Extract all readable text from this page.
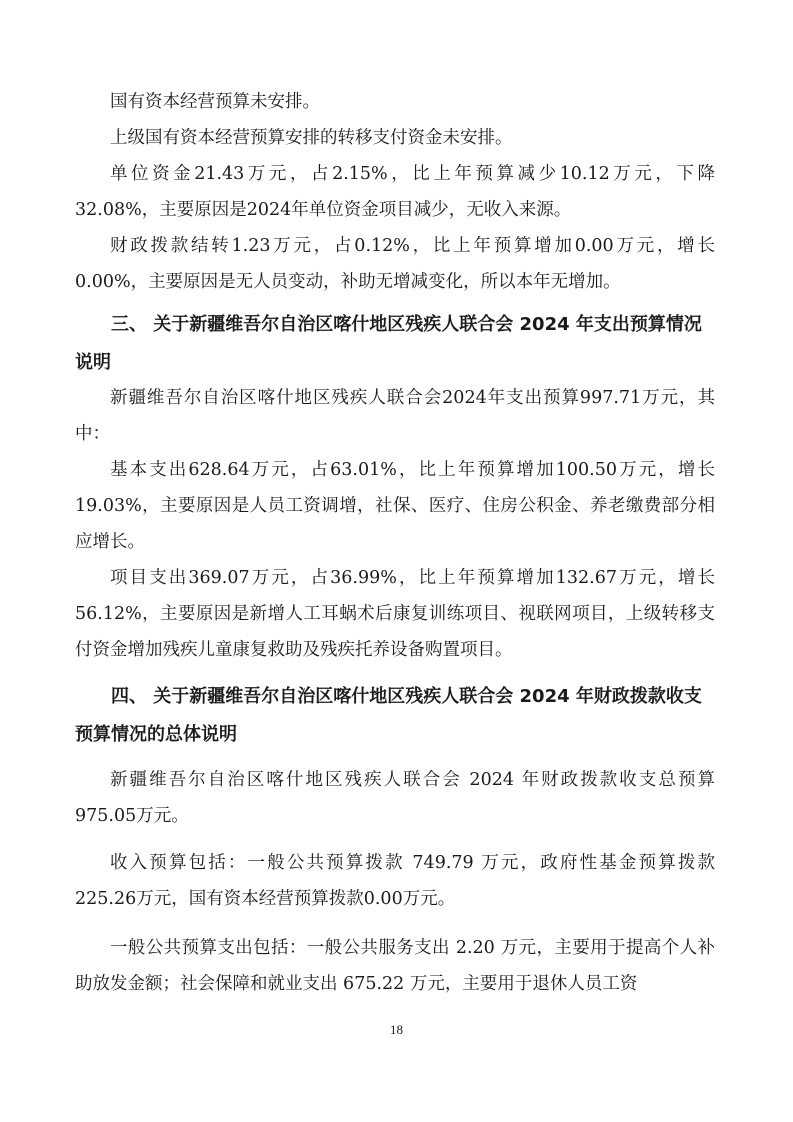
国有资本经营预算未安排。

上级国有资本经营预算安排的转移支付资金未安排。

单位资金21.43万元，占2.15%，比上年预算减少10.12万元，下降32.08%，主要原因是2024年单位资金项目减少，无收入来源。

财政拨款结转1.23万元，占0.12%，比上年预算增加0.00万元，增长0.00%，主要原因是无人员变动，补助无增减变化，所以本年无增加。

三、 关于新疆维吾尔自治区喀什地区残疾人联合会 2024 年支出预算情况说明

新疆维吾尔自治区喀什地区残疾人联合会2024年支出预算997.71万元，其中：

基本支出628.64万元，占63.01%，比上年预算增加100.50万元，增长19.03%，主要原因是人员工资调增，社保、医疗、住房公积金、养老缴费部分相应增长。

项目支出369.07万元，占36.99%，比上年预算增加132.67万元，增长56.12%，主要原因是新增人工耳蜗术后康复训练项目、视联网项目，上级转移支付资金增加残疾儿童康复救助及残疾托养设备购置项目。

四、 关于新疆维吾尔自治区喀什地区残疾人联合会 2024 年财政拨款收支预算情况的总体说明

新疆维吾尔自治区喀什地区残疾人联合会 2024 年财政拨款收支总预算975.05万元。

收入预算包括：一般公共预算拨款 749.79 万元，政府性基金预算拨款225.26万元，国有资本经营预算拨款0.00万元。

一般公共预算支出包括：一般公共服务支出 2.20 万元，主要用于提高个人补助放发金额；社会保障和就业支出 675.22 万元，主要用于退休人员工资

18
